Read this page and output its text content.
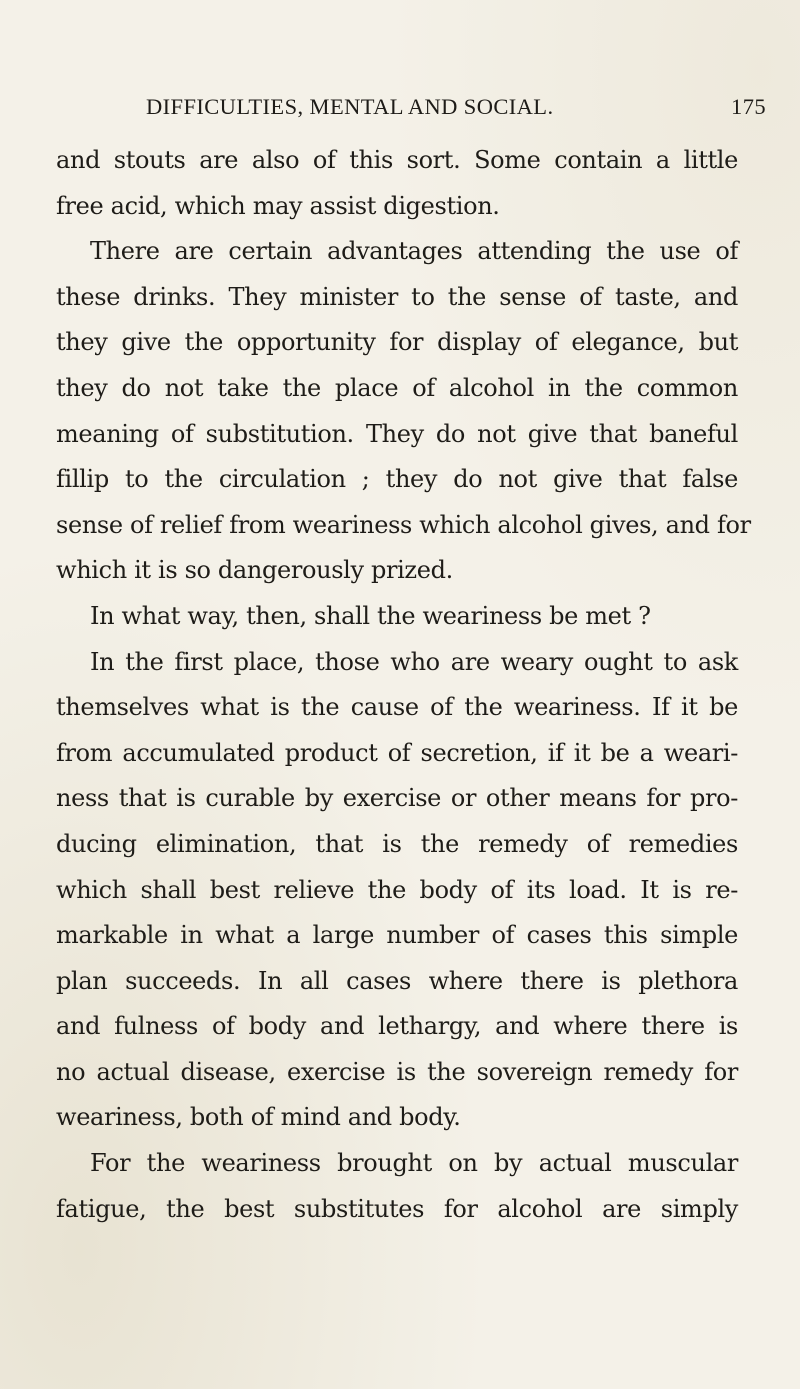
DIFFICULTIES, MENTAL AND SOCIAL.	175
and stouts are also of this sort. Some contain a little
free acid, which may assist digestion.
There are certain advantages attending the use of
these drinks. They minister to the sense of taste, and
they give the opportunity for display of elegance, but
they do not take the place of alcohol in the common
meaning of substitution. They do not give that baneful
fillip to the circulation ; they do not give that false
sense of relief from weariness which alcohol gives, and for
which it is so dangerously prized.
In what way, then, shall the weariness be met ?
In the first place, those who are weary ought to ask
themselves what is the cause of the weariness. If it be
from accumulated product of secretion, if it be a weari-
ness that is curable by exercise or other means for pro-
ducing elimination, that is the remedy of remedies
which shall best relieve the body of its load. It is re-
markable in what a large number of cases this simple
plan succeeds. In all cases where there is plethora
and fulness of body and lethargy, and where there is
no actual disease, exercise is the sovereign remedy for
weariness, both of mind and body.
For the weariness brought on by actual muscular
fatigue, the best substitutes for alcohol are simply
